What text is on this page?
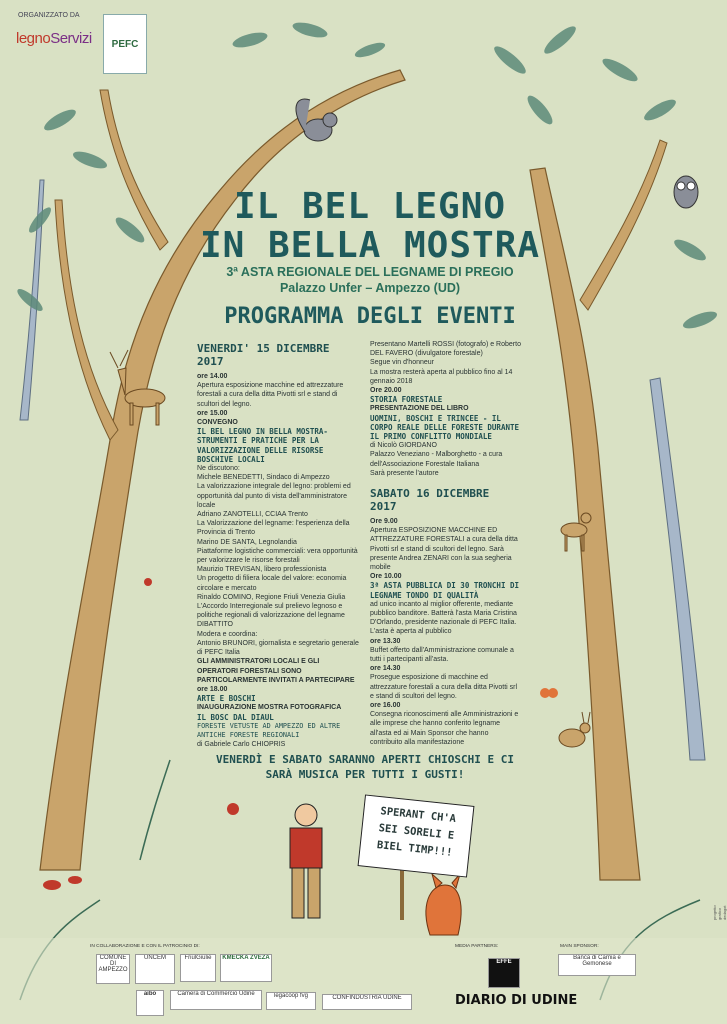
ORGANIZZATO DA
legnoServizi	PEFC
IL BEL LEGNO
IN BELLA MOSTRA
3ª ASTA REGIONALE DEL LEGNAME DI PREGIO
Palazzo Unfer – Ampezzo (UD)
PROGRAMMA DEGLI EVENTI
VENERDI' 15 DICEMBRE 2017
ore 14.00
Apertura esposizione macchine ed attrezzature forestali a cura della ditta Pivotti srl e stand di scultori del legno.
ore 15.00
CONVEGNO
IL BEL LEGNO IN BELLA MOSTRA-STRUMENTI E PRATICHE PER LA VALORIZZAZIONE DELLE RISORSE BOSCHIVE LOCALI
Ne discutono:
Michele BENEDETTI, Sindaco di Ampezzo
La valorizzazione integrale del legno: problemi ed opportunità dal punto di vista dell'amministratore locale
Adriano ZANOTELLI, CCIAA Trento
La Valorizzazione del legname: l'esperienza della Provincia di Trento
Marino DE SANTA, Legnolandia
Piattaforme logistiche commerciali: vera opportunità per valorizzare le risorse forestali
Maurizio TREVISAN, libero professionista
Un progetto di filiera locale del valore: economia circolare e mercato
Rinaldo COMINO, Regione Friuli Venezia Giulia
L'Accordo Interregionale sul prelievo legnoso e politiche regionali di valorizzazione del legname
DIBATTITO
Modera e coordina:
Antonio BRUNORI, giornalista e segretario generale di PEFC Italia
GLI AMMINISTRATORI LOCALI E GLI OPERATORI FORESTALI SONO PARTICOLARMENTE INVITATI A PARTECIPARE
ore 18.00
ARTE E BOSCHI
INAUGURAZIONE MOSTRA FOTOGRAFICA
IL BOSC DAL DIAUL
FORESTE VETUSTE AD AMPEZZO ED ALTRE ANTICHE FORESTE REGIONALI
di Gabriele Carlo CHIOPRIS
Presentano Martelli ROSSI (fotografo) e Roberto DEL FAVERO (divulgatore forestale)
Segue vin d'honneur
La mostra resterà aperta al pubblico fino al 14 gennaio 2018
Ore 20.00
STORIA FORESTALE
PRESENTAZIONE DEL LIBRO
UOMINI, BOSCHI E TRINCEE - IL CORPO REALE DELLE FORESTE DURANTE IL PRIMO CONFLITTO MONDIALE
di Nicolò GIORDANO
Palazzo Veneziano - Malborghetto - a cura dell'Associazione Forestale Italiana
Sarà presente l'autore
SABATO 16 DICEMBRE 2017
Ore 9.00
Apertura ESPOSIZIONE MACCHINE ED ATTREZZATURE FORESTALI a cura della ditta Pivotti srl e stand di scultori del legno. Sarà presente Andrea ZENARI con la sua segheria mobile
Ore 10.00
3ª ASTA PUBBLICA DI 30 TRONCHI DI LEGNAME TONDO DI QUALITÀ
ad unico incanto al miglior offerente, mediante pubblico banditore. Batterà l'asta Maria Cristina D'Orlando, presidente nazionale di PEFC Italia. L'asta è aperta al pubblico
ore 13.30
Buffet offerto dall'Amministrazione comunale a tutti i partecipanti all'asta.
ore 14.30
Prosegue esposizione di macchine ed attrezzature forestali a cura della ditta Pivotti srl e stand di scultori del legno.
ore 16.00
Consegna riconoscimenti alle Amministrazioni e alle imprese che hanno conferito legname all'asta ed ai Main Sponsor che hanno contribuito alla manifestazione
VENERDÌ E SABATO SARANNO APERTI CHIOSCHI E CI
SARÀ MUSICA PER TUTTI I GUSTI!
SPERANT CH'A
SEI SORELI E
BIEL TIMP!!!
IN COLLABORAZIONE E CON IL PATROCINIO DI:	MEDIA PARTNERS:	MAIN SPONSOR:
COMUNE DI AMPEZZO
UNCEM	FriulGiulie	KMEČKA ZVEZA
aibo	Camera di Commercio Udine	legacoop fvg	CONFINDUSTRIA UDINE
EFFE
DIARIO DI UDINE
Banca di Carnia e Gemonese
progetto grafico dedagot
